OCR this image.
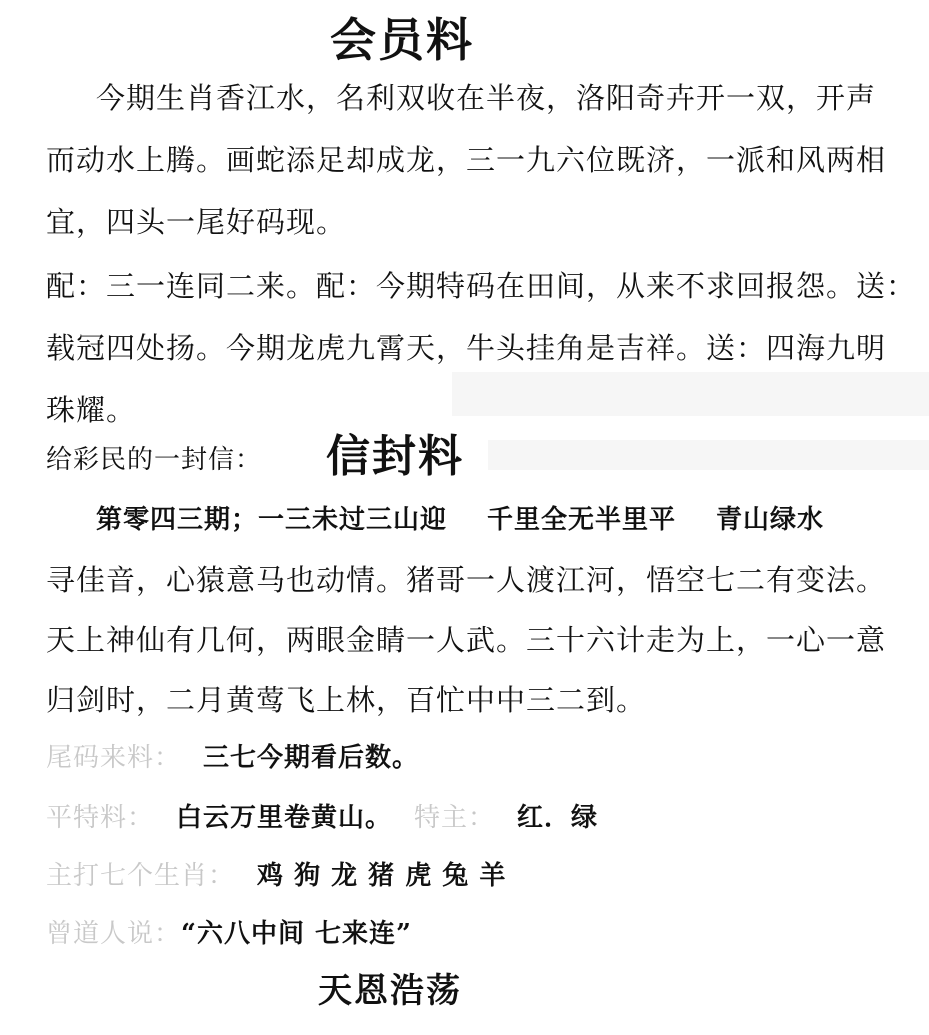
会员料
今期生肖香江水，名利双收在半夜，洛阳奇卉开一双，开声
而动水上腾。画蛇添足却成龙，三一九六位既济，一派和风两相
宜，四头一尾好码现。
配：三一连同二来。配：今期特码在田间，从来不求回报怨。送：
载冠四处扬。今期龙虎九霄天，牛头挂角是吉祥。送：四海九明
珠耀。
给彩民的一封信： 信封料
第零四三期；一三未过三山迎 千里全无半里平 青山绿水
寻佳音，心猿意马也动情。猪哥一人渡江河，悟空七二有变法。
天上神仙有几何，两眼金睛一人武。三十六计走为上，一心一意
归剑时，二月黄莺飞上林，百忙中中三二到。
尾码来料： 三七今期看后数。
平特料： 白云万里卷黄山。 特主： 红．绿
主打七个生肖： 鸡 狗 龙 猪 虎 兔 羊
曾道人说：“六八中间 七来连”
天恩浩荡
